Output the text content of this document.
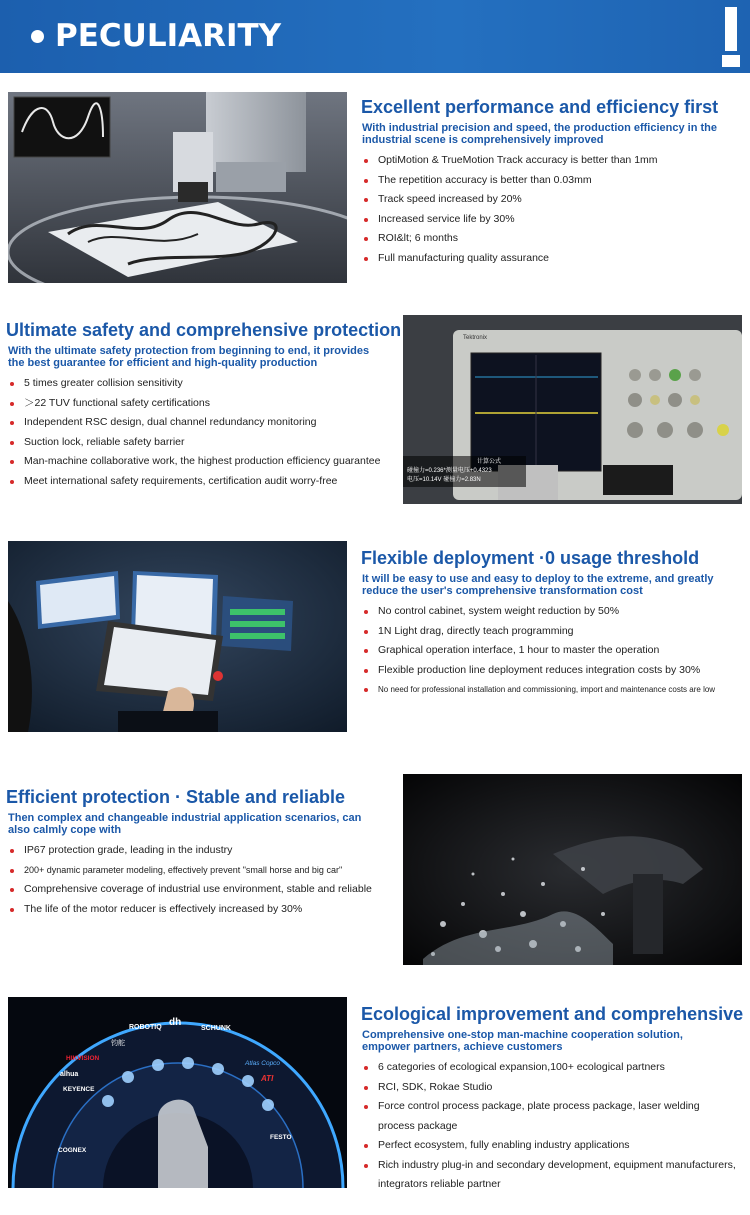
PECULIARITY
Excellent performance and efficiency first
With industrial precision and speed, the production efficiency in the industrial scene is comprehensively improved
OptiMotion & TrueMotion Track accuracy is better than 1mm
The repetition accuracy is better than 0.03mm
Track speed increased by 20%
Increased service life by 30%
ROI&lt; 6 months
Full manufacturing quality assurance
Ultimate safety and comprehensive protection
With the ultimate safety protection from beginning to end, it provides the best guarantee for efficient and high-quality production
5 times greater collision sensitivity
＞22 TUV functional safety certifications
Independent RSC design, dual channel redundancy monitoring
Suction lock, reliable safety barrier
Man-machine collaborative work, the highest production efficiency guarantee
Meet international safety requirements, certification audit worry-free
Tektronix
计算公式
碰撞力=0.236*测量电压+0.4323
电压=10.14V 碰撞力=2.83N
Flexible deployment ·0 usage threshold
It will be easy to use and easy to deploy to the extreme, and greatly reduce the user's comprehensive transformation cost
No control cabinet, system weight reduction by 50%
1N Light drag, directly teach programming
Graphical operation interface, 1 hour to master the operation
Flexible production line deployment reduces integration costs by 30%
No need for professional installation and commissioning, import and maintenance costs are low
Efficient protection · Stable and reliable
Then complex and changeable industrial application scenarios, can also calmly cope with
IP67 protection grade, leading in the industry
200+ dynamic parameter modeling, effectively prevent "small horse and big car"
Comprehensive coverage of industrial use environment, stable and reliable
The life of the motor reducer is effectively increased by 30%
ROBOTIQ dh
SCHUNK
钧舵
HIKVISION
alhua
KEYENCE
COGNEX
Atlas Copco
ATI
FESTO
Ecological improvement and comprehensive
Comprehensive one-stop man-machine cooperation solution, empower partners, achieve customers
6 categories of ecological expansion,100+ ecological partners
RCI, SDK, Rokae Studio
Force control process package, plate process package, laser welding process package
Perfect ecosystem, fully enabling industry applications
Rich industry plug-in and secondary development, equipment manufacturers, integrators reliable partner
